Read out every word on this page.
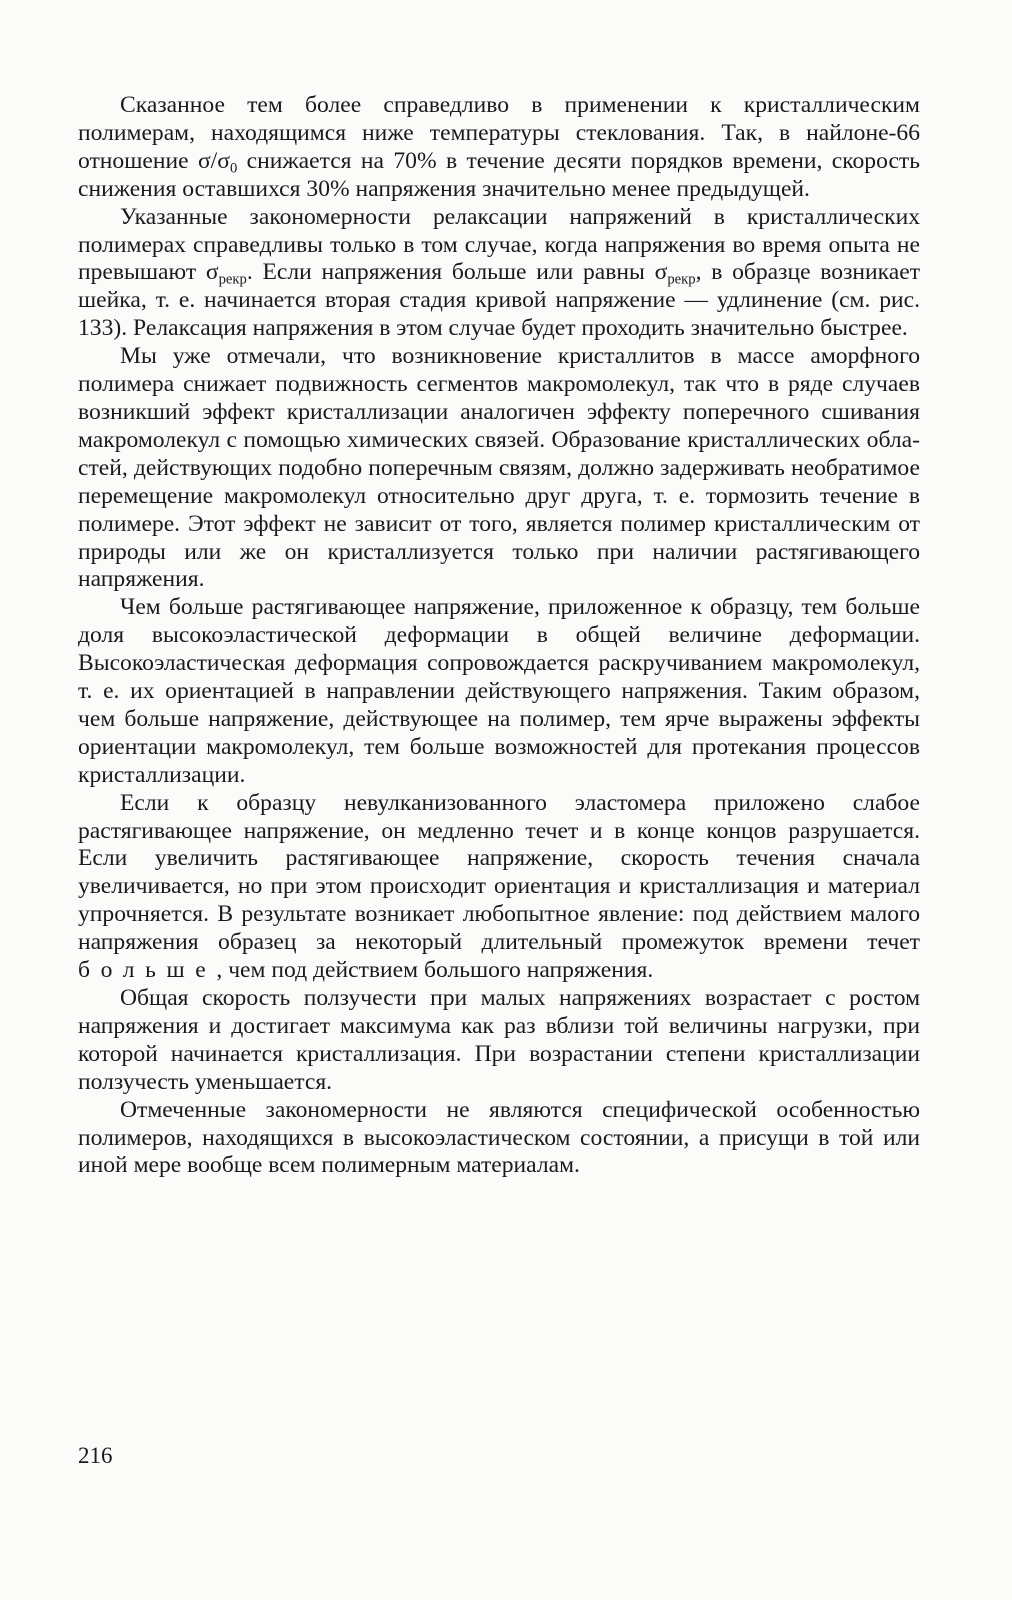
Сказанное тем более справедливо в применении к кристаллическим полимерам, находящимся ниже температуры стеклования. Так, в найлоне-66 отношение $\sigma/\sigma_0$ снижается на 70% в течение десяти порядков времени, скорость снижения оставшихся 30% напряжения значительно менее предыдущей.

Указанные закономерности релаксации напряжений в кристаллических полимерах справедливы только в том случае, когда напряжения во время опыта не превышают $\sigma_{рекр}$. Если напряжения больше или равны $\sigma_{рекр}$, в образце возникает шейка, т. е. начинается вторая стадия кривой напряжение — удлинение (см. рис. 133). Релаксация напряжения в этом случае будет проходить значительно быстрее.

Мы уже отмечали, что возникновение кристаллитов в массе аморфного полимера снижает подвижность сегментов макромолекул, так что в ряде случаев возникший эффект кристаллизации аналогичен эффекту поперечного сшивания макромолекул с помощью химических связей. Образование кристаллических областей, действующих подобно поперечным связям, должно задерживать необратимое перемещение макромолекул относительно друг друга, т. е. тормозить течение в полимере. Этот эффект не зависит от того, является полимер кристаллическим от природы или же он кристаллизуется только при наличии растягивающего напряжения.

Чем больше растягивающее напряжение, приложенное к образцу, тем больше доля высокоэластической деформации в общей величине деформации. Высокоэластическая деформация сопровождается раскручиванием макромолекул, т. е. их ориентацией в направлении действующего напряжения. Таким образом, чем больше напряжение, действующее на полимер, тем ярче выражены эффекты ориентации макромолекул, тем больше возможностей для протекания процессов кристаллизации.

Если к образцу невулканизованного эластомера приложено слабое растягивающее напряжение, он медленно течет и в конце концов разрушается. Если увеличить растягивающее напряжение, скорость течения сначала увеличивается, но при этом происходит ориентация и кристаллизация и материал упрочняется. В результате возникает любопытное явление: под действием малого напряжения образец за некоторый длительный промежуток времени течет больше, чем под действием большого напряжения.

Общая скорость ползучести при малых напряжениях возрастает с ростом напряжения и достигает максимума как раз вблизи той величины нагрузки, при которой начинается кристаллизация. При возрастании степени кристаллизации ползучесть уменьшается.

Отмеченные закономерности не являются специфической особенностью полимеров, находящихся в высокоэластическом состоянии, а присущи в той или иной мере вообще всем полимерным материалам.

216
